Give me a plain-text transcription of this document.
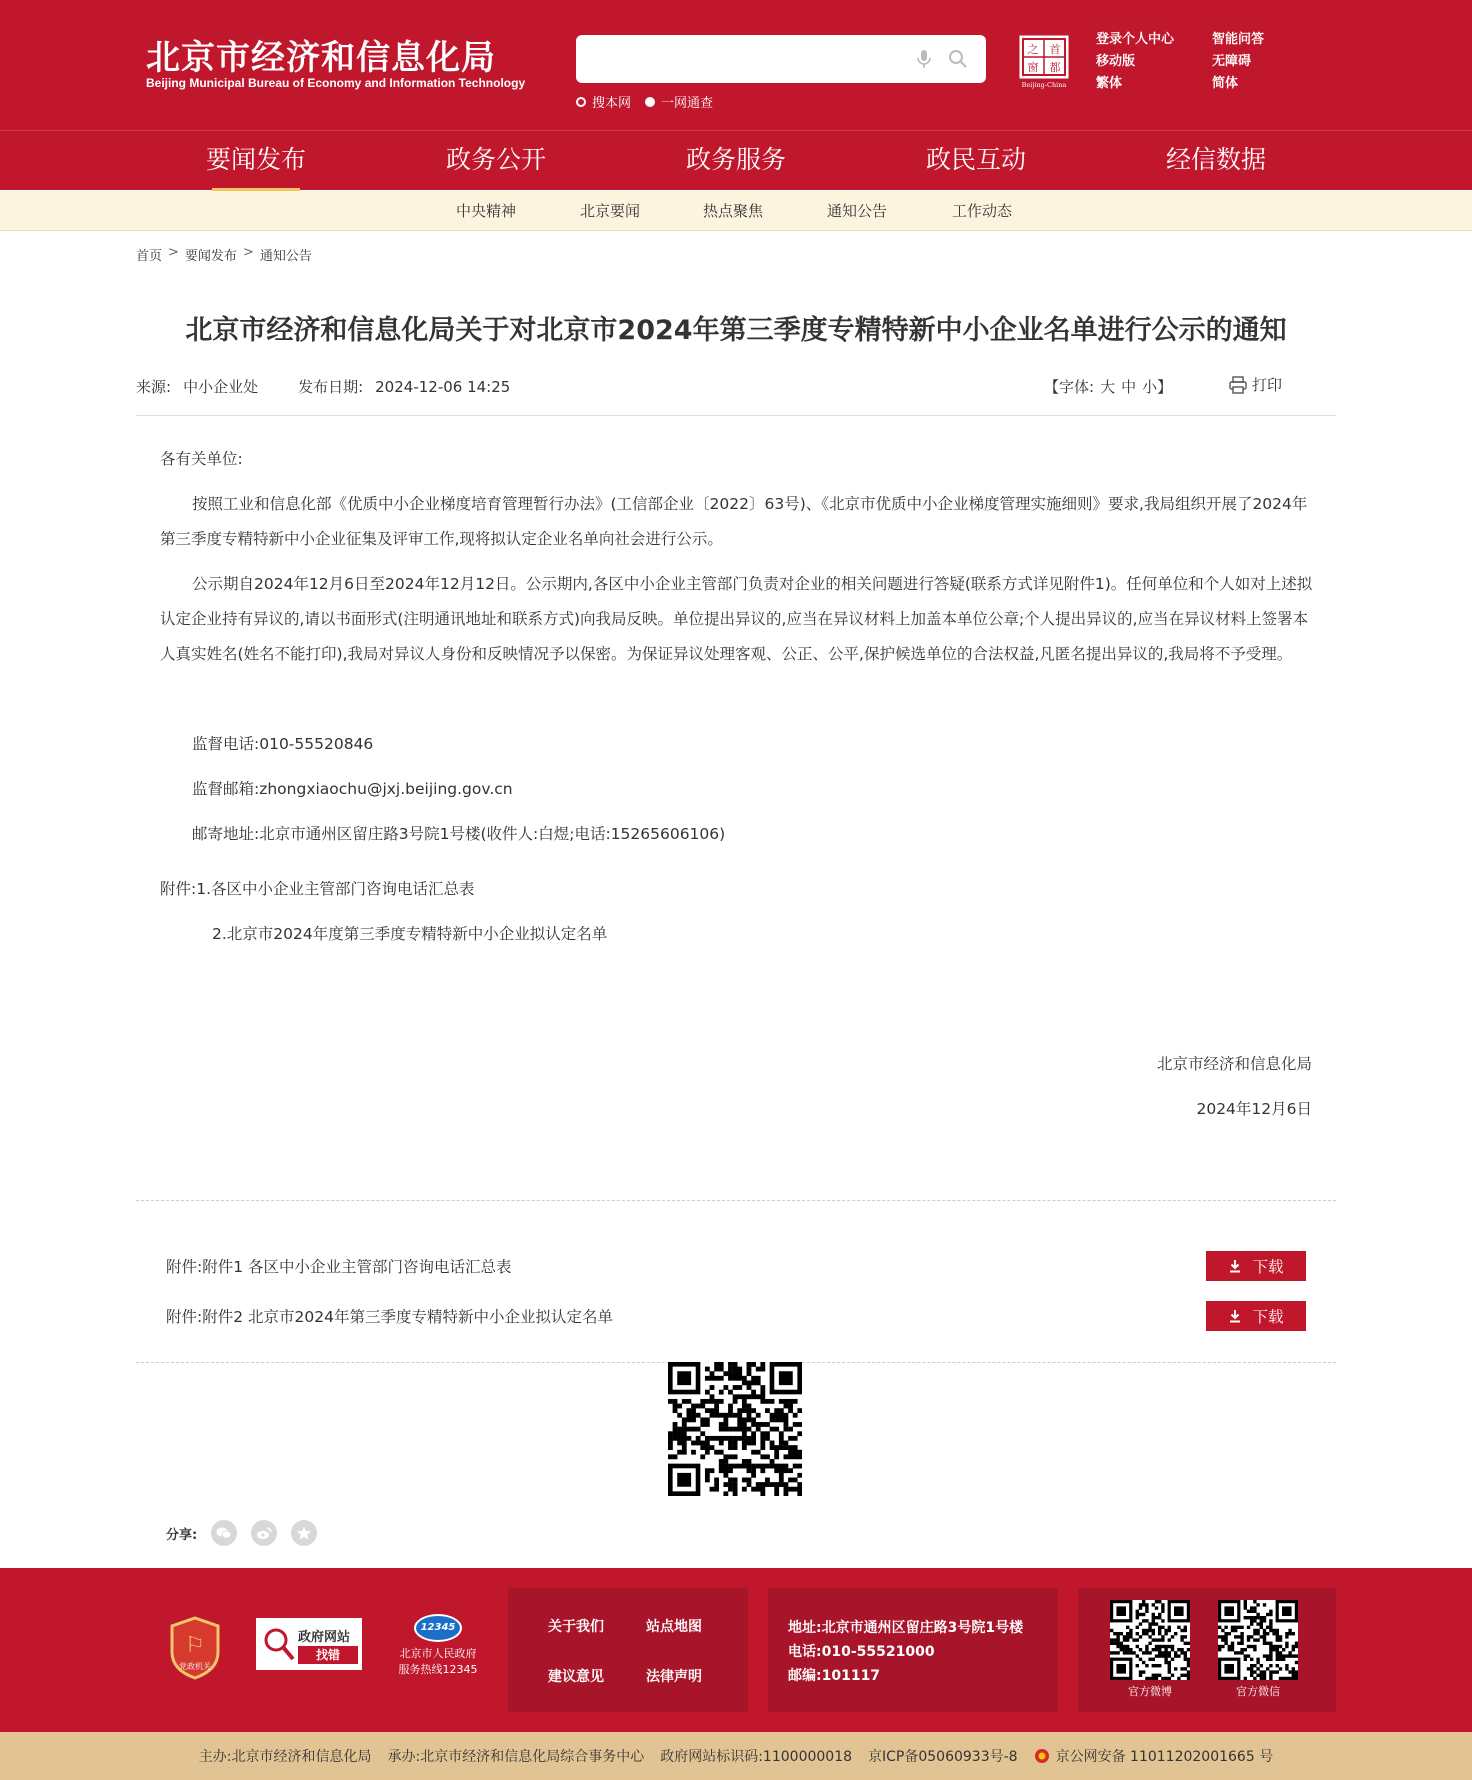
北京市经济和信息化局
Beijing Municipal Bureau of Economy and Information Technology
搜本网 一网通查
之 首
窗 都
Beijing-China
登录个人中心	智能问答
移动版	无障碍
繁体	简体
要闻发布	政务公开	政务服务	政民互动	经信数据
中央精神	北京要闻	热点聚焦	通知公告	工作动态
首页 > 要闻发布 > 通知公告
北京市经济和信息化局关于对北京市2024年第三季度专精特新中小企业名单进行公示的通知
来源: 中小企业处	发布日期: 2024-12-06 14:25	【字体: 大 中 小】	打印
各有关单位:
按照工业和信息化部《优质中小企业梯度培育管理暂行办法》(工信部企业〔2022〕63号)、《北京市优质中小企业梯度管理实施细则》要求,我局组织开展了2024年第三季度专精特新中小企业征集及评审工作,现将拟认定企业名单向社会进行公示。
公示期自2024年12月6日至2024年12月12日。公示期内,各区中小企业主管部门负责对企业的相关问题进行答疑(联系方式详见附件1)。任何单位和个人如对上述拟认定企业持有异议的,请以书面形式(注明通讯地址和联系方式)向我局反映。单位提出异议的,应当在异议材料上加盖本单位公章;个人提出异议的,应当在异议材料上签署本人真实姓名(姓名不能打印),我局对异议人身份和反映情况予以保密。为保证异议处理客观、公正、公平,保护候选单位的合法权益,凡匿名提出异议的,我局将不予受理。
监督电话:010-55520846
监督邮箱:zhongxiaochu@jxj.beijing.gov.cn
邮寄地址:北京市通州区留庄路3号院1号楼(收件人:白煜;电话:15265606106)
附件:1.各区中小企业主管部门咨询电话汇总表
2.北京市2024年度第三季度专精特新中小企业拟认定名单
北京市经济和信息化局
2024年12月6日
附件:附件1 各区中小企业主管部门咨询电话汇总表	下载
附件:附件2 北京市2024年第三季度专精特新中小企业拟认定名单	下载
分享:
⚐
党政机关
政府网站
找错
12345
北京市人民政府
服务热线12345
关于我们	站点地图
建议意见	法律声明
地址:北京市通州区留庄路3号院1号楼
电话:010-55521000
邮编:101117
官方微博	官方微信
主办:北京市经济和信息化局 承办:北京市经济和信息化局综合事务中心 政府网站标识码:1100000018 京ICP备05060933号-8	京公网安备 11011202001665 号
